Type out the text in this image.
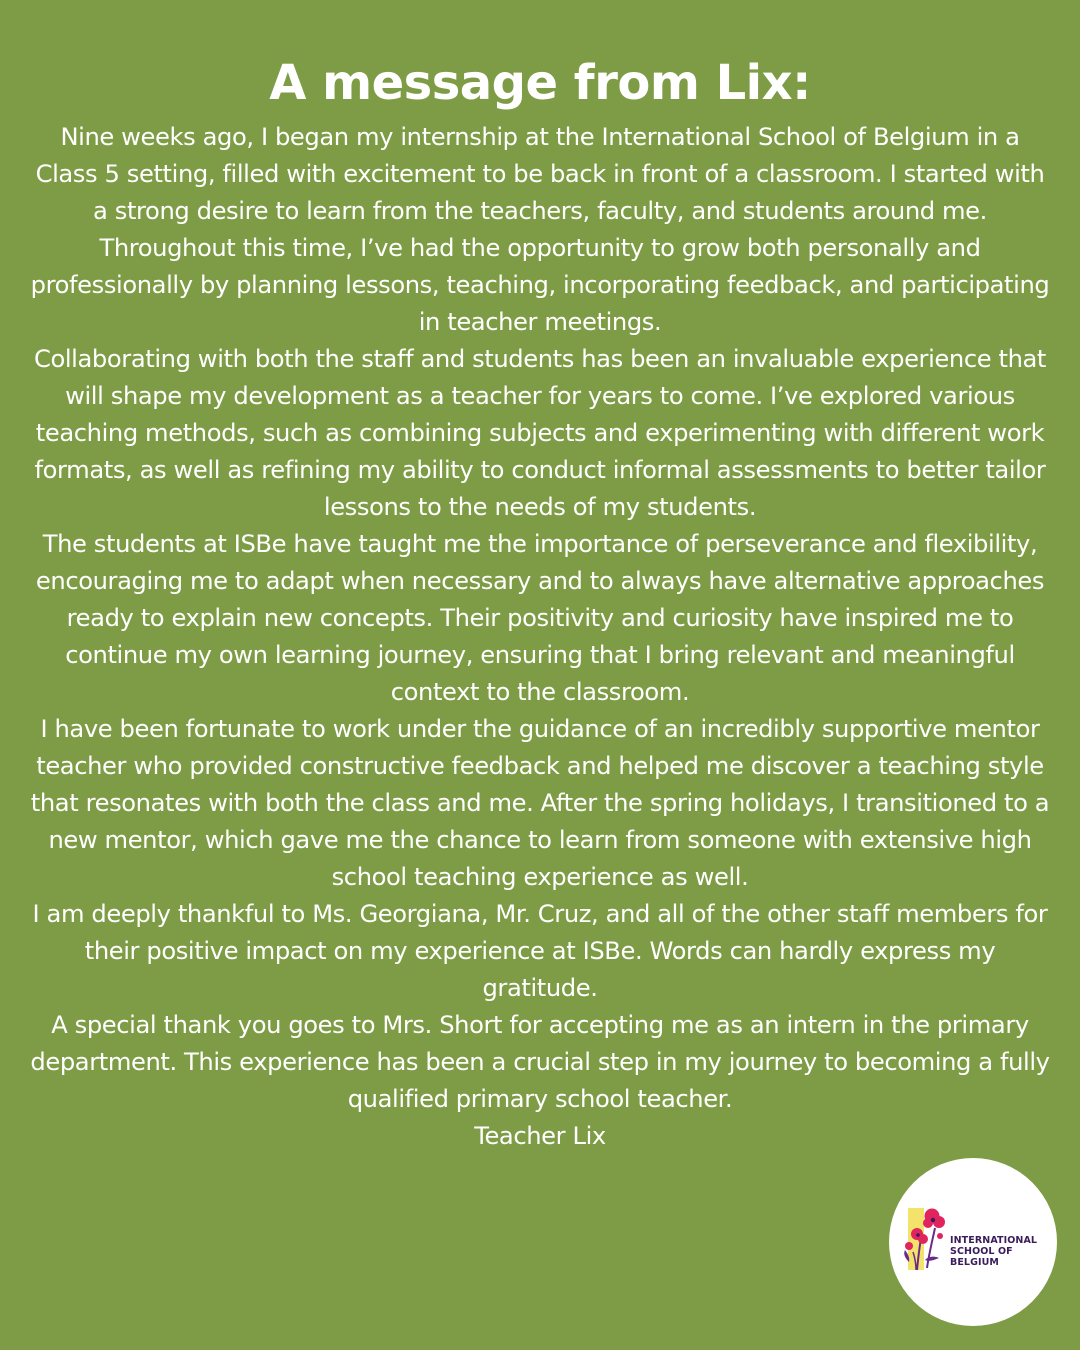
A message from Lix:

Nine weeks ago, I began my internship at the International School of Belgium in a Class 5 setting, filled with excitement to be back in front of a classroom. I started with a strong desire to learn from the teachers, faculty, and students around me. Throughout this time, I’ve had the opportunity to grow both personally and professionally by planning lessons, teaching, incorporating feedback, and participating in teacher meetings.

Collaborating with both the staff and students has been an invaluable experience that will shape my development as a teacher for years to come. I’ve explored various teaching methods, such as combining subjects and experimenting with different work formats, as well as refining my ability to conduct informal assessments to better tailor lessons to the needs of my students.

The students at ISBe have taught me the importance of perseverance and flexibility, encouraging me to adapt when necessary and to always have alternative approaches ready to explain new concepts. Their positivity and curiosity have inspired me to continue my own learning journey, ensuring that I bring relevant and meaningful context to the classroom.

I have been fortunate to work under the guidance of an incredibly supportive mentor teacher who provided constructive feedback and helped me discover a teaching style that resonates with both the class and me. After the spring holidays, I transitioned to a new mentor, which gave me the chance to learn from someone with extensive high school teaching experience as well.

I am deeply thankful to Ms. Georgiana, Mr. Cruz, and all of the other staff members for their positive impact on my experience at ISBe. Words can hardly express my gratitude.

A special thank you goes to Mrs. Short for accepting me as an intern in the primary department. This experience has been a crucial step in my journey to becoming a fully qualified primary school teacher.

Teacher Lix

INTERNATIONAL
SCHOOL OF
BELGIUM
